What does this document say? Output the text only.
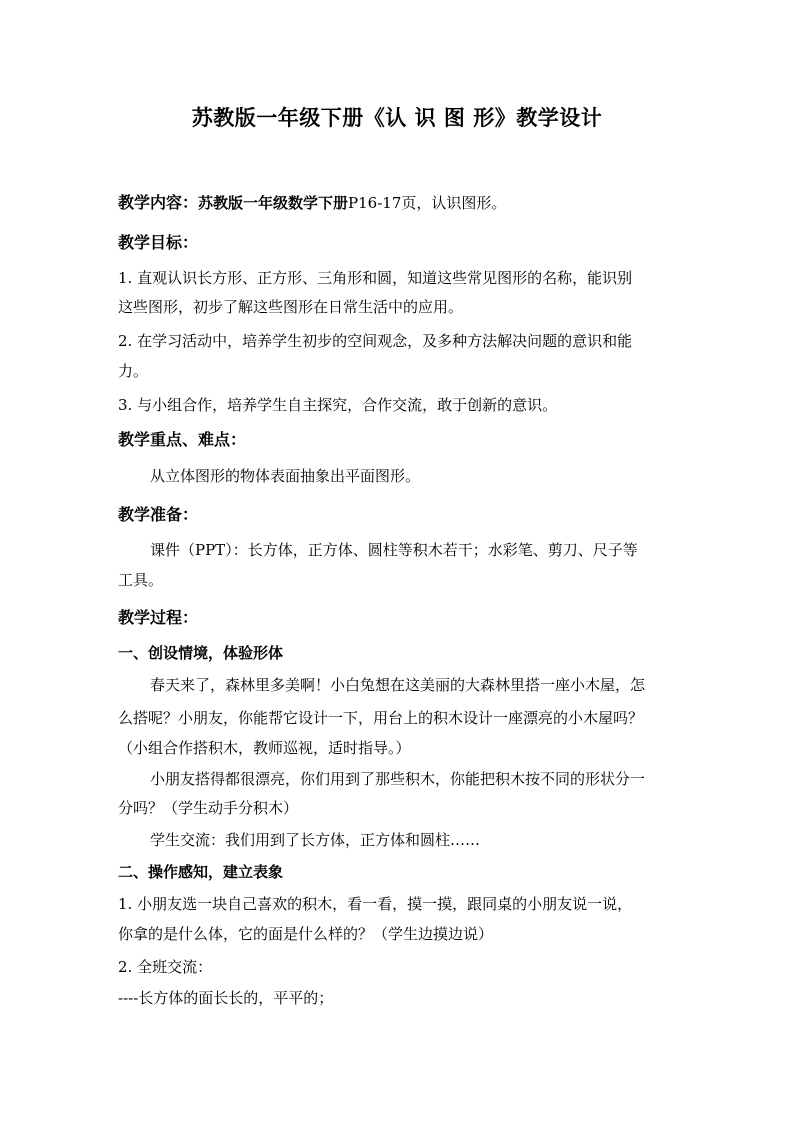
苏教版一年级下册《认 识 图 形》教学设计
教学内容：苏教版一年级数学下册P16-17页，认识图形。
教学目标：
1. 直观认识长方形、正方形、三角形和圆，知道这些常见图形的名称，能识别
这些图形，初步了解这些图形在日常生活中的应用。
2. 在学习活动中，培养学生初步的空间观念，及多种方法解决问题的意识和能
力。
3. 与小组合作，培养学生自主探究，合作交流，敢于创新的意识。
教学重点、难点：
从立体图形的物体表面抽象出平面图形。
教学准备：
课件（PPT）：长方体，正方体、圆柱等积木若干；水彩笔、剪刀、尺子等
工具。
教学过程：
一、创设情境，体验形体
春天来了，森林里多美啊！小白兔想在这美丽的大森林里搭一座小木屋，怎
么搭呢？小朋友，你能帮它设计一下，用台上的积木设计一座漂亮的小木屋吗？
（小组合作搭积木，教师巡视，适时指导。）
小朋友搭得都很漂亮，你们用到了那些积木，你能把积木按不同的形状分一
分吗？（学生动手分积木）
学生交流：我们用到了长方体，正方体和圆柱……
二、操作感知，建立表象
1. 小朋友选一块自己喜欢的积木，看一看，摸一摸，跟同桌的小朋友说一说，
你拿的是什么体，它的面是什么样的？（学生边摸边说）
2. 全班交流：
----长方体的面长长的，平平的；
